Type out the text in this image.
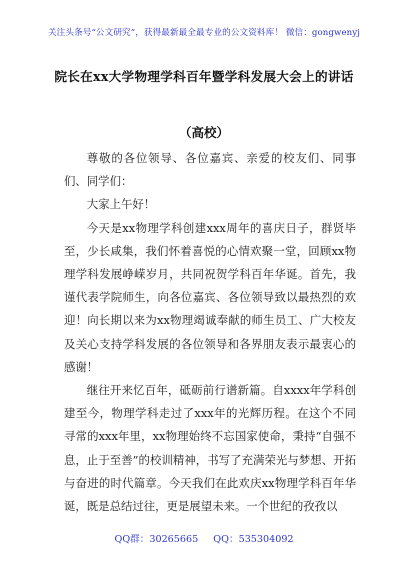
关注头条号“公文研究”，获得最新最全最专业的公文资料库！ 微信：gongwenyj
院长在xx大学物理学科百年暨学科发展大会上的讲话
（高校）

尊敬的各位领导、各位嘉宾、亲爱的校友们、同事们、同学们：

大家上午好！

今天是xx物理学科创建xxx周年的喜庆日子，群贤毕至，少长咸集，我们怀着喜悦的心情欢聚一堂，回顾xx物理学科发展峥嵘岁月，共同祝贺学科百年华诞。首先，我谨代表学院师生，向各位嘉宾、各位领导致以最热烈的欢迎！向长期以来为xx物理竭诚奉献的师生员工、广大校友及关心支持学科发展的各位领导和各界朋友表示最衷心的感谢！

继往开来忆百年，砥砺前行谱新篇。自xxxx年学科创建至今，物理学科走过了xxx年的光辉历程。在这个不同寻常的xxx年里，xx物理始终不忘国家使命，秉持“自强不息，止于至善”的校训精神，书写了充满荣光与梦想、开拓与奋进的时代篇章。今天我们在此欢庆xx物理学科百年华诞，既是总结过往，更是展望未来。一个世纪的孜孜以

QQ群：30265665 QQ：535304092
